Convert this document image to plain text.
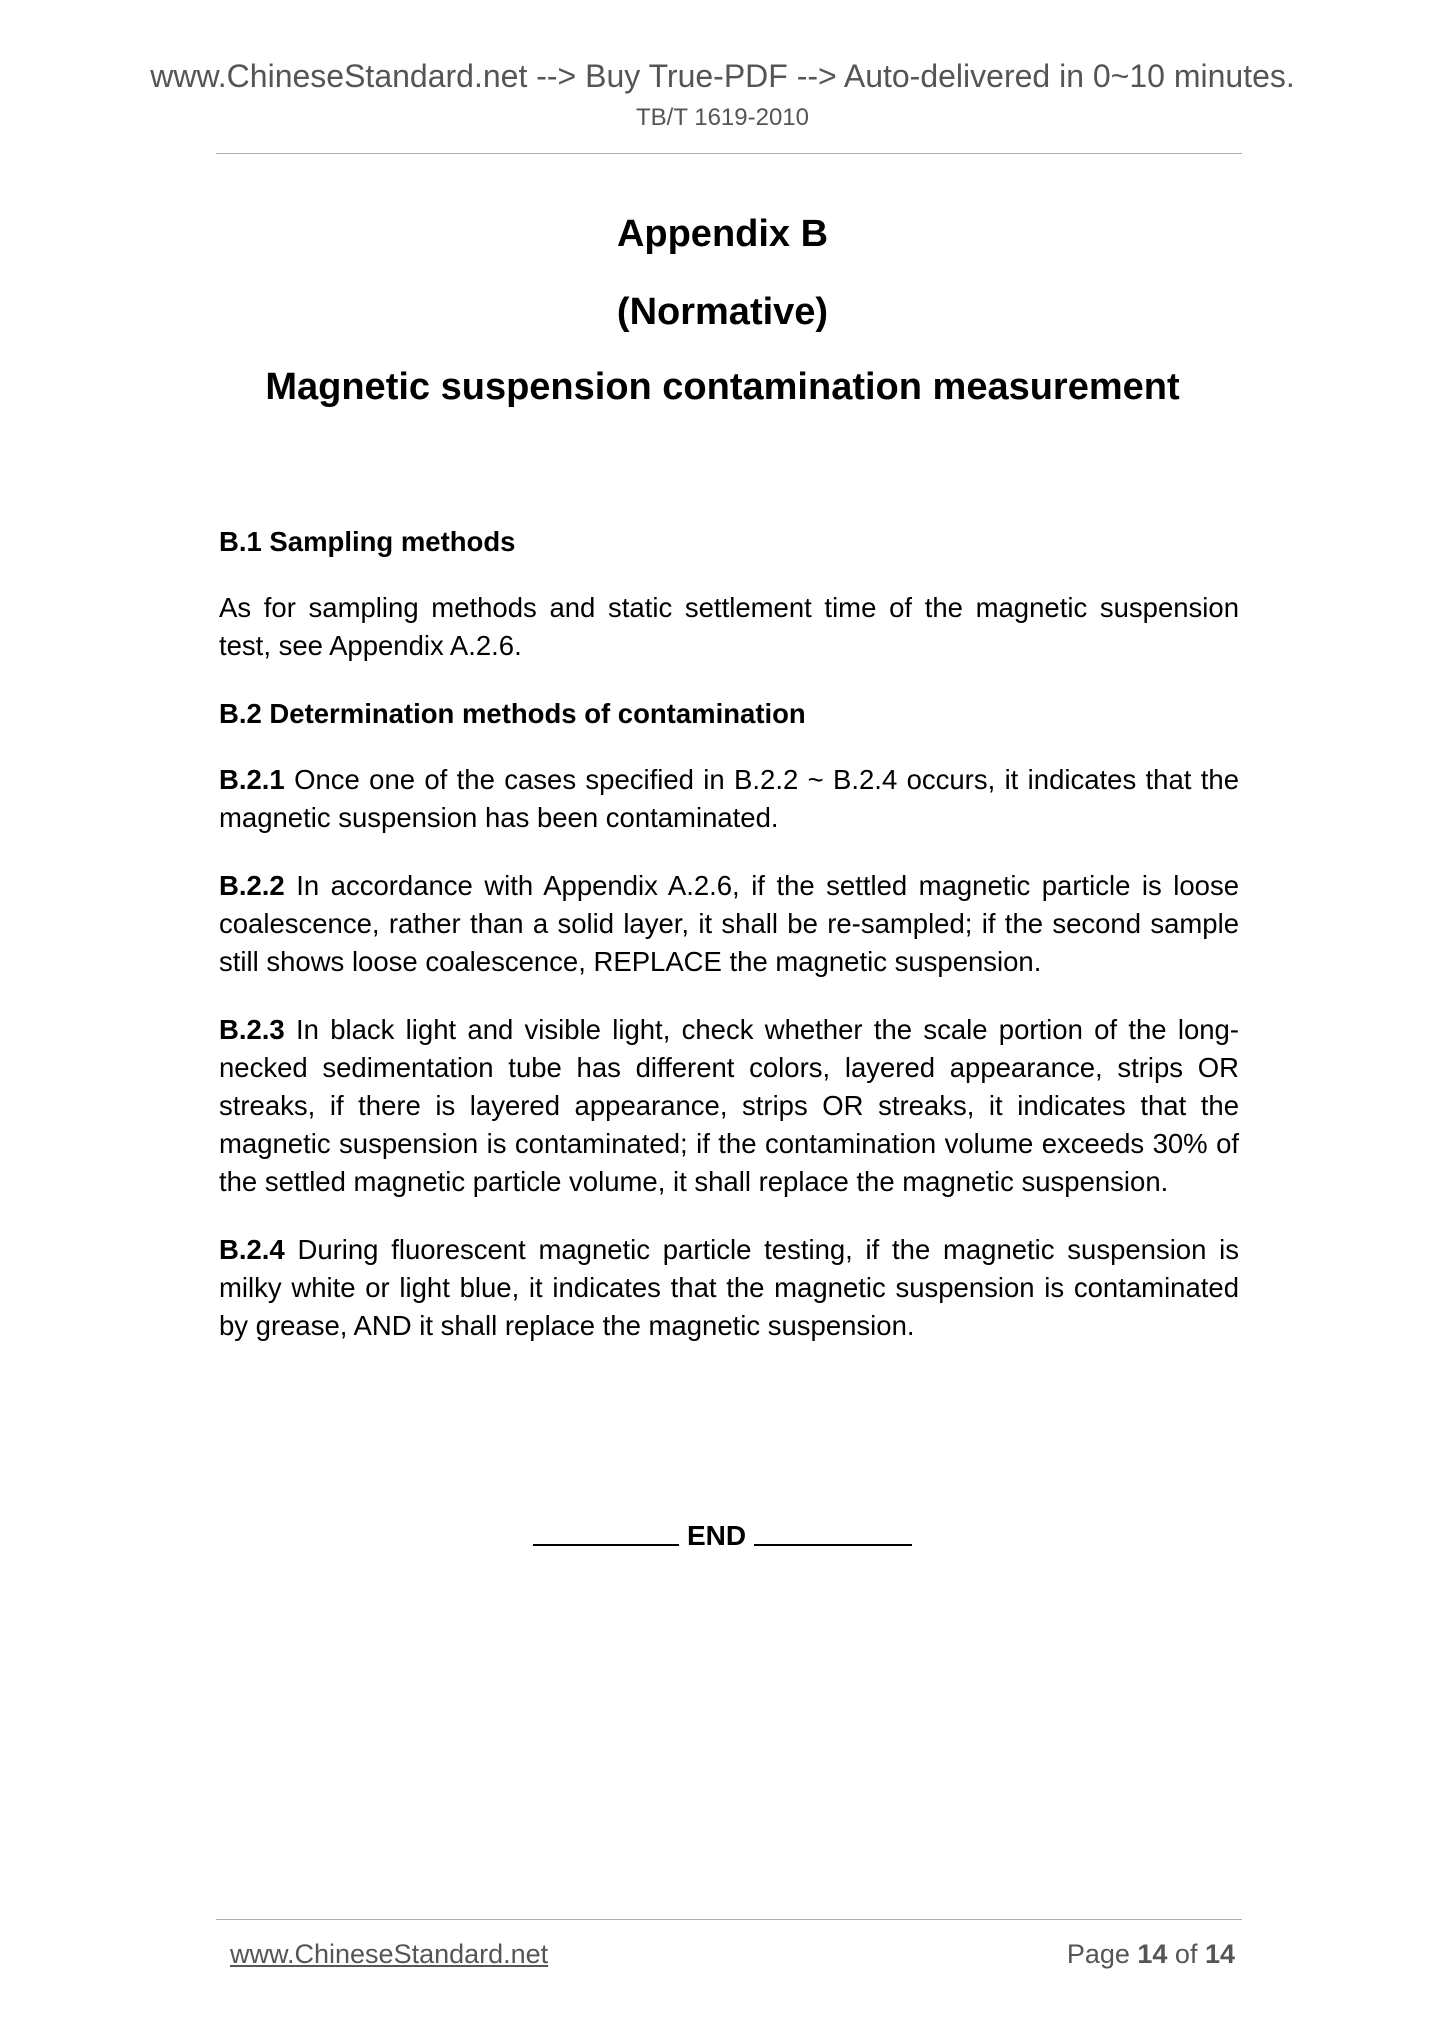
www.ChineseStandard.net --> Buy True-PDF --> Auto-delivered in 0~10 minutes.
TB/T 1619-2010
Appendix B
(Normative)
Magnetic suspension contamination measurement
B.1 Sampling methods

As for sampling methods and static settlement time of the magnetic suspension test, see Appendix A.2.6.

B.2 Determination methods of contamination

B.2.1 Once one of the cases specified in B.2.2 ~ B.2.4 occurs, it indicates that the magnetic suspension has been contaminated.

B.2.2 In accordance with Appendix A.2.6, if the settled magnetic particle is loose coalescence, rather than a solid layer, it shall be re-sampled; if the second sample still shows loose coalescence, REPLACE the magnetic suspension.

B.2.3 In black light and visible light, check whether the scale portion of the long-necked sedimentation tube has different colors, layered appearance, strips OR streaks, if there is layered appearance, strips OR streaks, it indicates that the magnetic suspension is contaminated; if the contamination volume exceeds 30% of the settled magnetic particle volume, it shall replace the magnetic suspension.

B.2.4 During fluorescent magnetic particle testing, if the magnetic suspension is milky white or light blue, it indicates that the magnetic suspension is contaminated by grease, AND it shall replace the magnetic suspension.

END
www.ChineseStandard.net	Page 14 of 14
